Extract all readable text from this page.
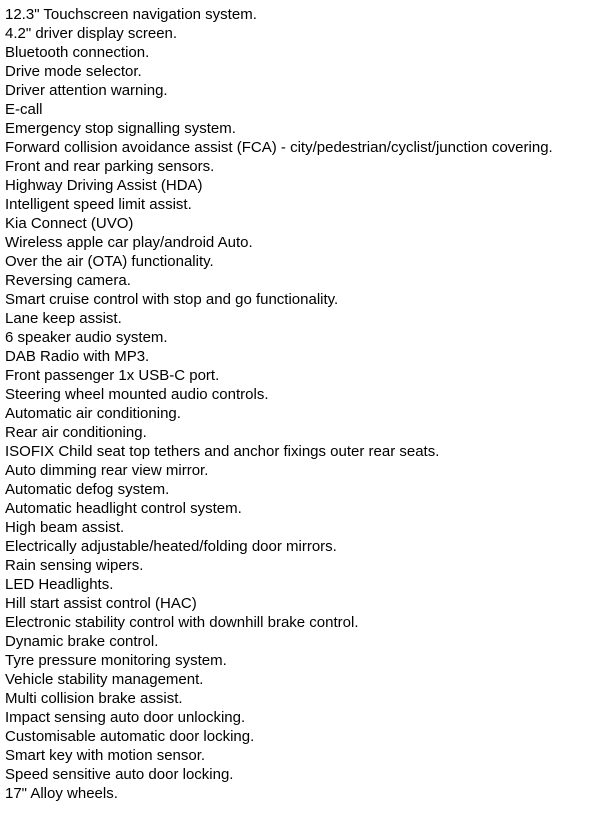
12.3" Touchscreen navigation system.
4.2" driver display screen.
Bluetooth connection.
Drive mode selector.
Driver attention warning.
E-call
Emergency stop signalling system.
Forward collision avoidance assist (FCA) - city/pedestrian/cyclist/junction covering.
Front and rear parking sensors.
Highway Driving Assist (HDA)
Intelligent speed limit assist.
Kia Connect (UVO)
Wireless apple car play/android Auto.
Over the air (OTA) functionality.
Reversing camera.
Smart cruise control with stop and go functionality.
Lane keep assist.
6 speaker audio system.
DAB Radio with MP3.
Front passenger 1x USB-C port.
Steering wheel mounted audio controls.
Automatic air conditioning.
Rear air conditioning.
ISOFIX Child seat top tethers and anchor fixings outer rear seats.
Auto dimming rear view mirror.
Automatic defog system.
Automatic headlight control system.
High beam assist.
Electrically adjustable/heated/folding door mirrors.
Rain sensing wipers.
LED Headlights.
Hill start assist control (HAC)
Electronic stability control with downhill brake control.
Dynamic brake control.
Tyre pressure monitoring system.
Vehicle stability management.
Multi collision brake assist.
Impact sensing auto door unlocking.
Customisable automatic door locking.
Smart key with motion sensor.
Speed sensitive auto door locking.
17" Alloy wheels.
